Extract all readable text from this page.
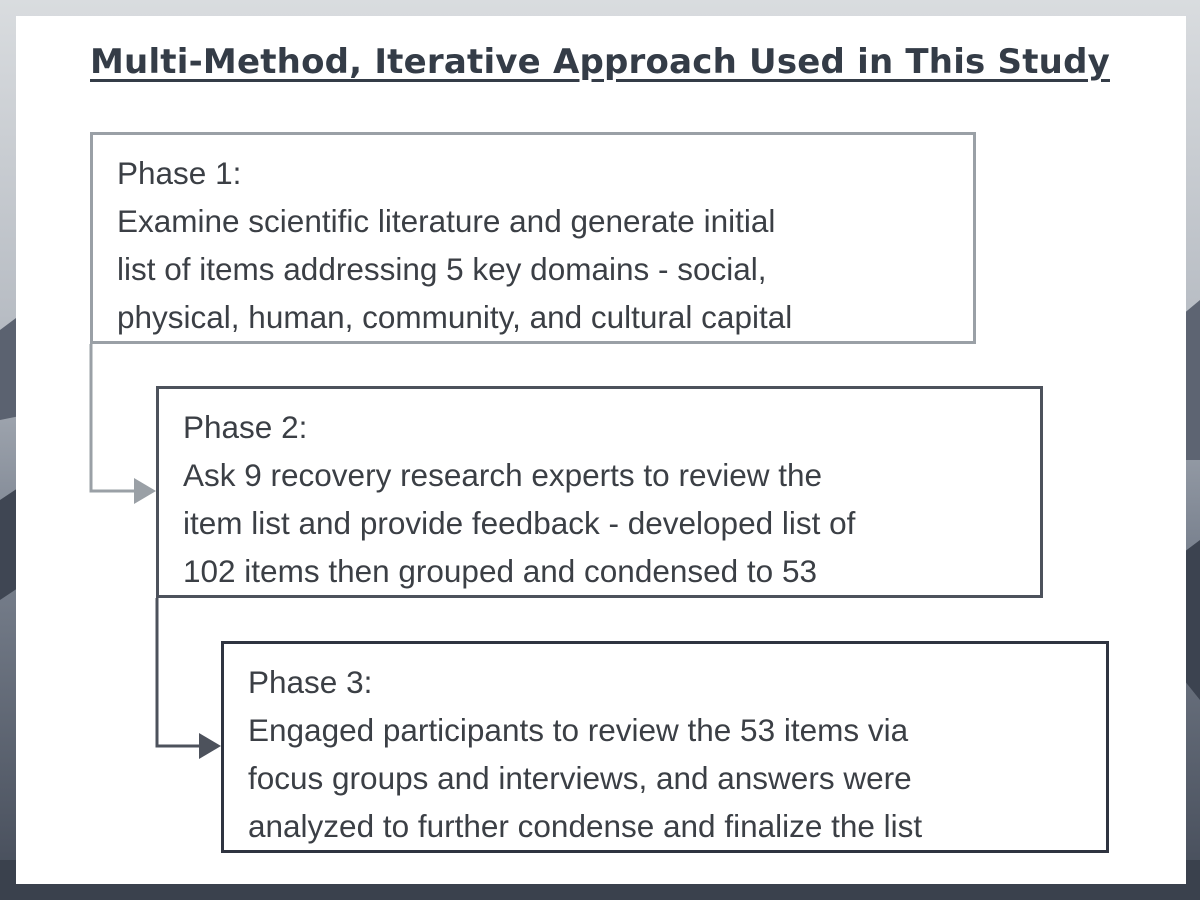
Multi-Method, Iterative Approach Used in This Study
Phase 1:
Examine scientific literature and generate initial
list of items addressing 5 key domains - social,
physical, human, community, and cultural capital
Phase 2:
Ask 9 recovery research experts to review the
item list and provide feedback - developed list of
102 items then grouped and condensed to 53
Phase 3:
Engaged participants to review the 53 items via
focus groups and interviews, and answers were
analyzed to further condense and finalize the list
